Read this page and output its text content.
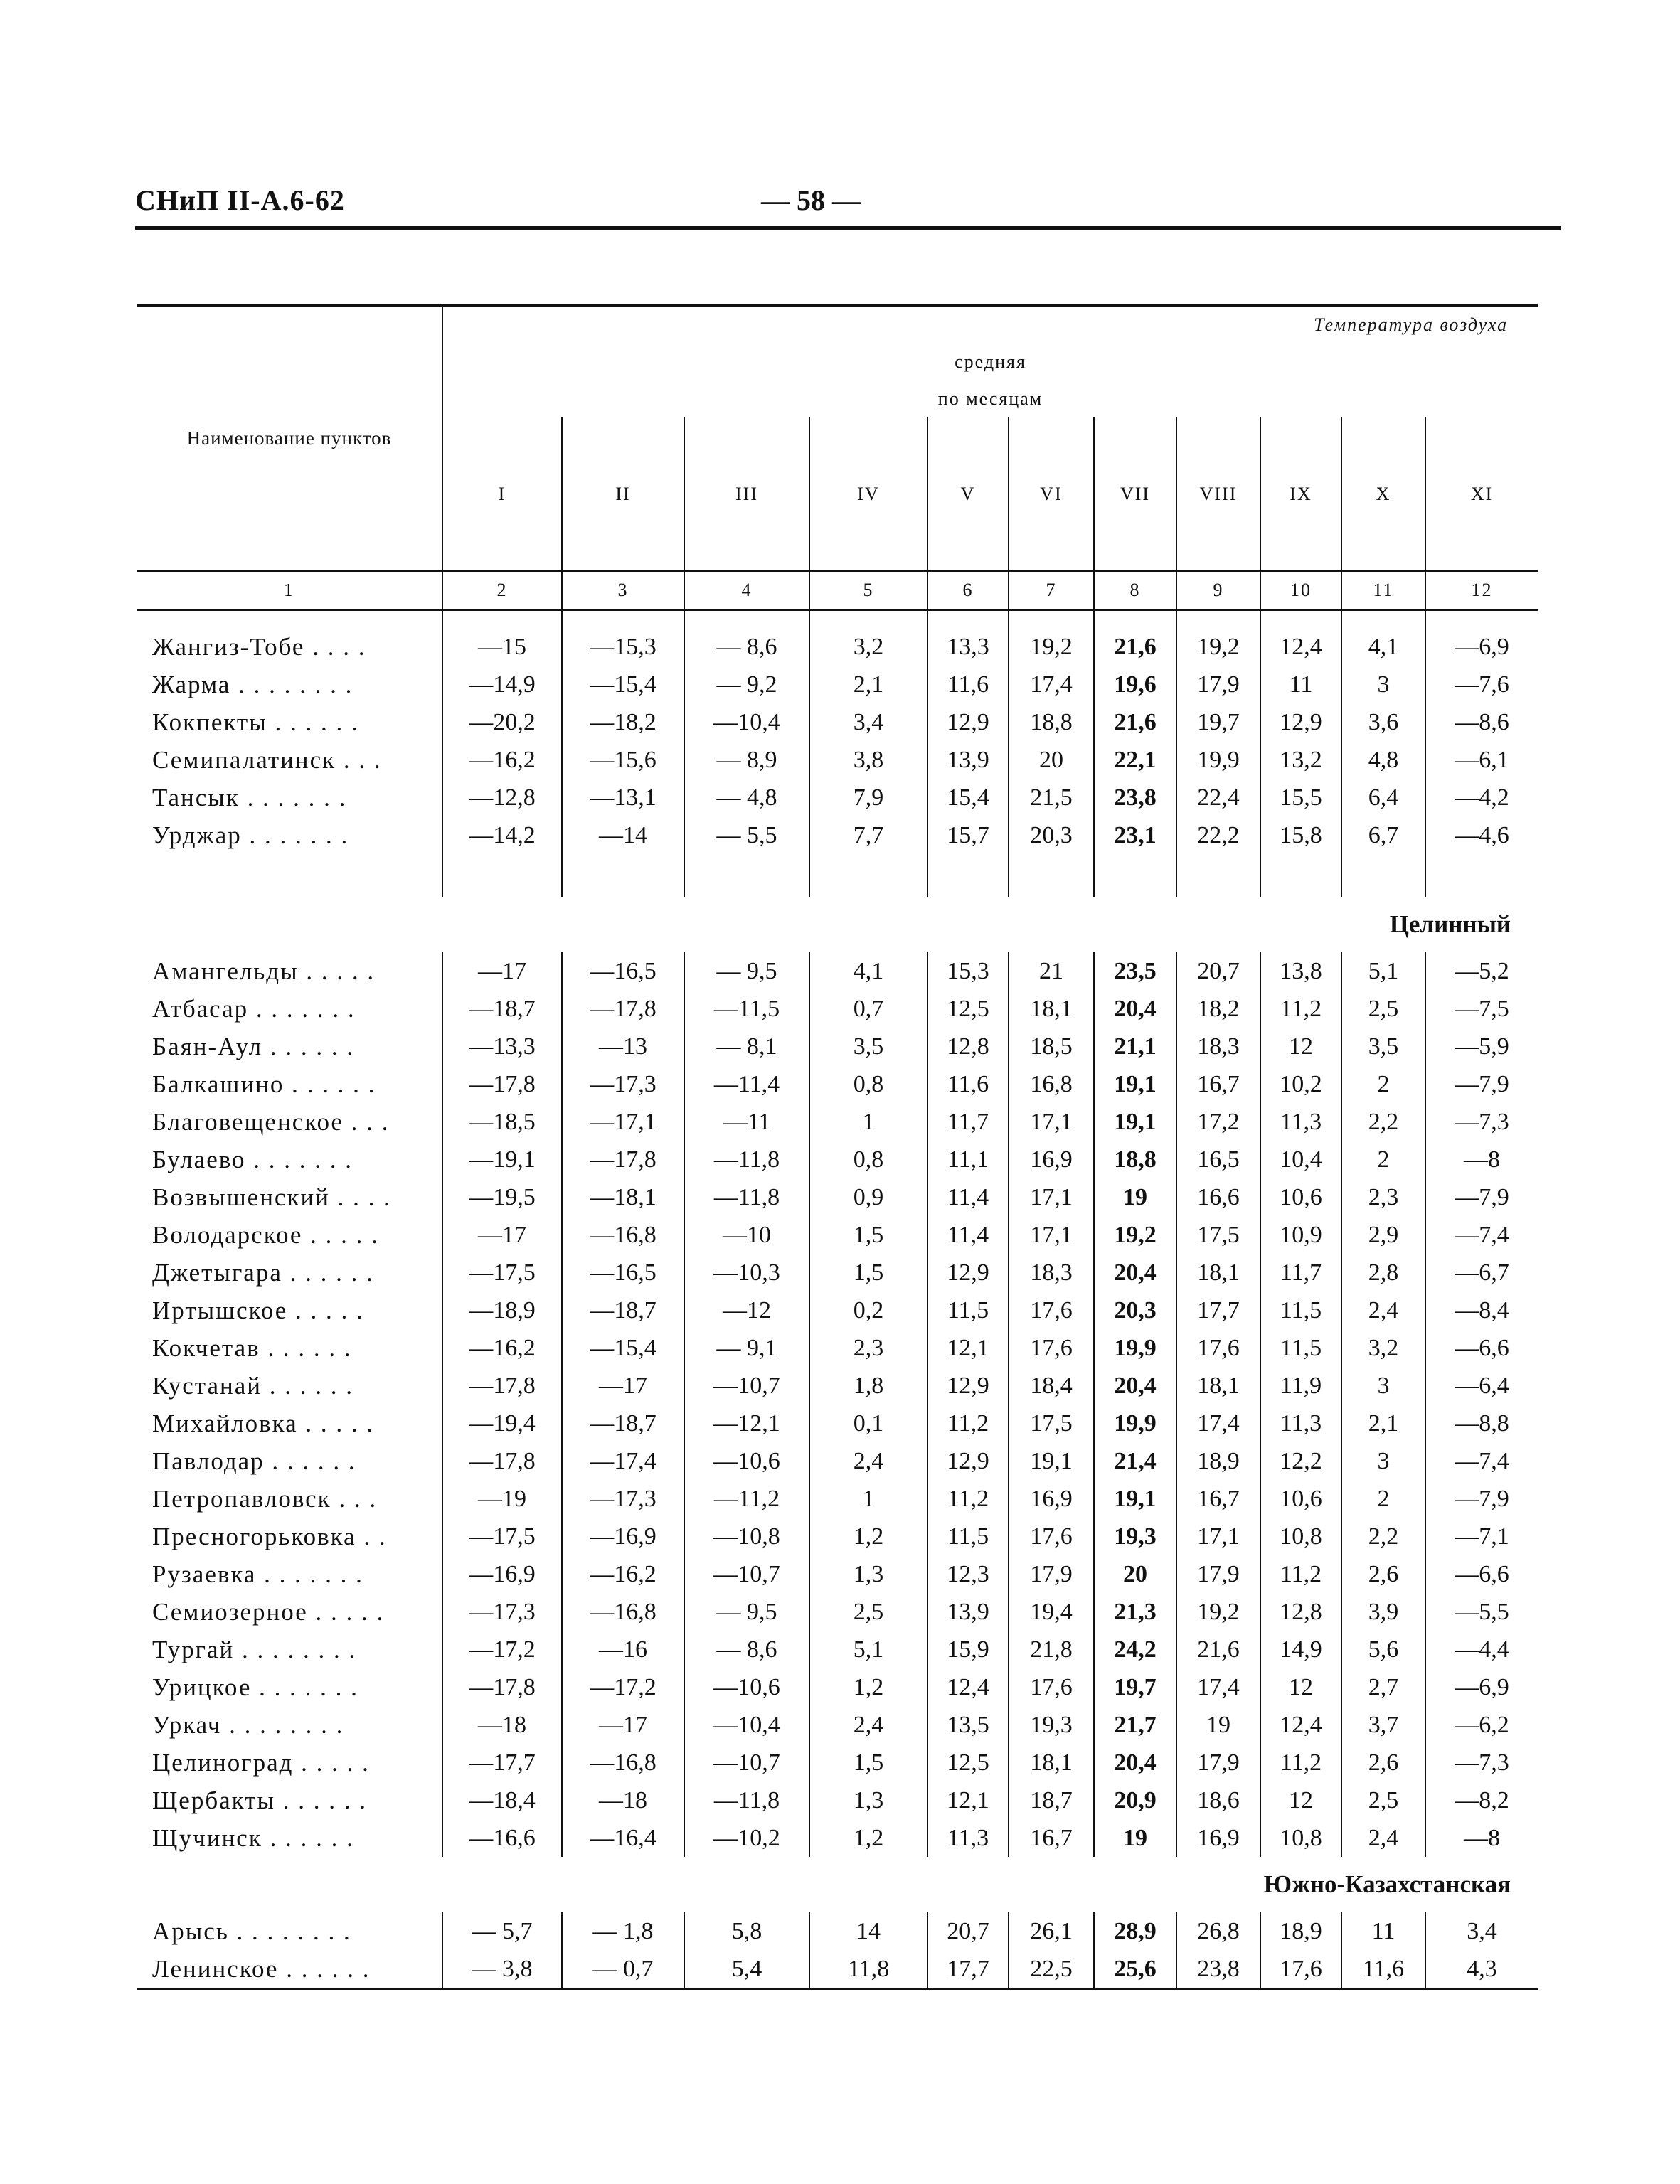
СНиП II-А.6-62	— 58 —
Наименование пунктов	Температура воздуха										
	средняя										
	по месяцам										
	I	II	III	IV	V	VI	VII	VIII	IX	X	XI
1	2	3	4	5	6	7	8	9	10	11	12

Жангиз-Тобе . . . .	—15	—15,3	— 8,6	3,2	13,3	19,2	21,6	19,2	12,4	4,1	—6,9
Жарма . . . . . . . .	—14,9	—15,4	— 9,2	2,1	11,6	17,4	19,6	17,9	11	3	—7,6
Кокпекты . . . . . .	—20,2	—18,2	—10,4	3,4	12,9	18,8	21,6	19,7	12,9	3,6	—8,6
Семипалатинск . . .	—16,2	—15,6	— 8,9	3,8	13,9	20	22,1	19,9	13,2	4,8	—6,1
Тансык . . . . . . .	—12,8	—13,1	— 4,8	7,9	15,4	21,5	23,8	22,4	15,5	6,4	—4,2
Урджар . . . . . . .	—14,2	—14	— 5,5	7,7	15,7	20,3	23,1	22,2	15,8	6,7	—4,6

Целинный											
Амангельды . . . . .	—17	—16,5	— 9,5	4,1	15,3	21	23,5	20,7	13,8	5,1	—5,2
Атбасар . . . . . . .	—18,7	—17,8	—11,5	0,7	12,5	18,1	20,4	18,2	11,2	2,5	—7,5
Баян-Аул . . . . . .	—13,3	—13	— 8,1	3,5	12,8	18,5	21,1	18,3	12	3,5	—5,9
Балкашино . . . . . .	—17,8	—17,3	—11,4	0,8	11,6	16,8	19,1	16,7	10,2	2	—7,9
Благовещенское . . .	—18,5	—17,1	—11	1	11,7	17,1	19,1	17,2	11,3	2,2	—7,3
Булаево . . . . . . .	—19,1	—17,8	—11,8	0,8	11,1	16,9	18,8	16,5	10,4	2	—8
Возвышенский . . . .	—19,5	—18,1	—11,8	0,9	11,4	17,1	19	16,6	10,6	2,3	—7,9
Володарское . . . . .	—17	—16,8	—10	1,5	11,4	17,1	19,2	17,5	10,9	2,9	—7,4
Джетыгара . . . . . .	—17,5	—16,5	—10,3	1,5	12,9	18,3	20,4	18,1	11,7	2,8	—6,7
Иртышское . . . . .	—18,9	—18,7	—12	0,2	11,5	17,6	20,3	17,7	11,5	2,4	—8,4
Кокчетав . . . . . .	—16,2	—15,4	— 9,1	2,3	12,1	17,6	19,9	17,6	11,5	3,2	—6,6
Кустанай . . . . . .	—17,8	—17	—10,7	1,8	12,9	18,4	20,4	18,1	11,9	3	—6,4
Михайловка . . . . .	—19,4	—18,7	—12,1	0,1	11,2	17,5	19,9	17,4	11,3	2,1	—8,8
Павлодар . . . . . .	—17,8	—17,4	—10,6	2,4	12,9	19,1	21,4	18,9	12,2	3	—7,4
Петропавловск . . .	—19	—17,3	—11,2	1	11,2	16,9	19,1	16,7	10,6	2	—7,9
Пресногорьковка . .	—17,5	—16,9	—10,8	1,2	11,5	17,6	19,3	17,1	10,8	2,2	—7,1
Рузаевка . . . . . . .	—16,9	—16,2	—10,7	1,3	12,3	17,9	20	17,9	11,2	2,6	—6,6
Семиозерное . . . . .	—17,3	—16,8	— 9,5	2,5	13,9	19,4	21,3	19,2	12,8	3,9	—5,5
Тургай . . . . . . . .	—17,2	—16	— 8,6	5,1	15,9	21,8	24,2	21,6	14,9	5,6	—4,4
Урицкое . . . . . . .	—17,8	—17,2	—10,6	1,2	12,4	17,6	19,7	17,4	12	2,7	—6,9
Уркач . . . . . . . .	—18	—17	—10,4	2,4	13,5	19,3	21,7	19	12,4	3,7	—6,2
Целиноград . . . . .	—17,7	—16,8	—10,7	1,5	12,5	18,1	20,4	17,9	11,2	2,6	—7,3
Щербакты . . . . . .	—18,4	—18	—11,8	1,3	12,1	18,7	20,9	18,6	12	2,5	—8,2
Щучинск . . . . . .	—16,6	—16,4	—10,2	1,2	11,3	16,7	19	16,9	10,8	2,4	—8
Южно-Казахстанская											
Арысь . . . . . . . .	— 5,7	— 1,8	5,8	14	20,7	26,1	28,9	26,8	18,9	11	3,4
Ленинское . . . . . .	— 3,8	— 0,7	5,4	11,8	17,7	22,5	25,6	23,8	17,6	11,6	4,3
